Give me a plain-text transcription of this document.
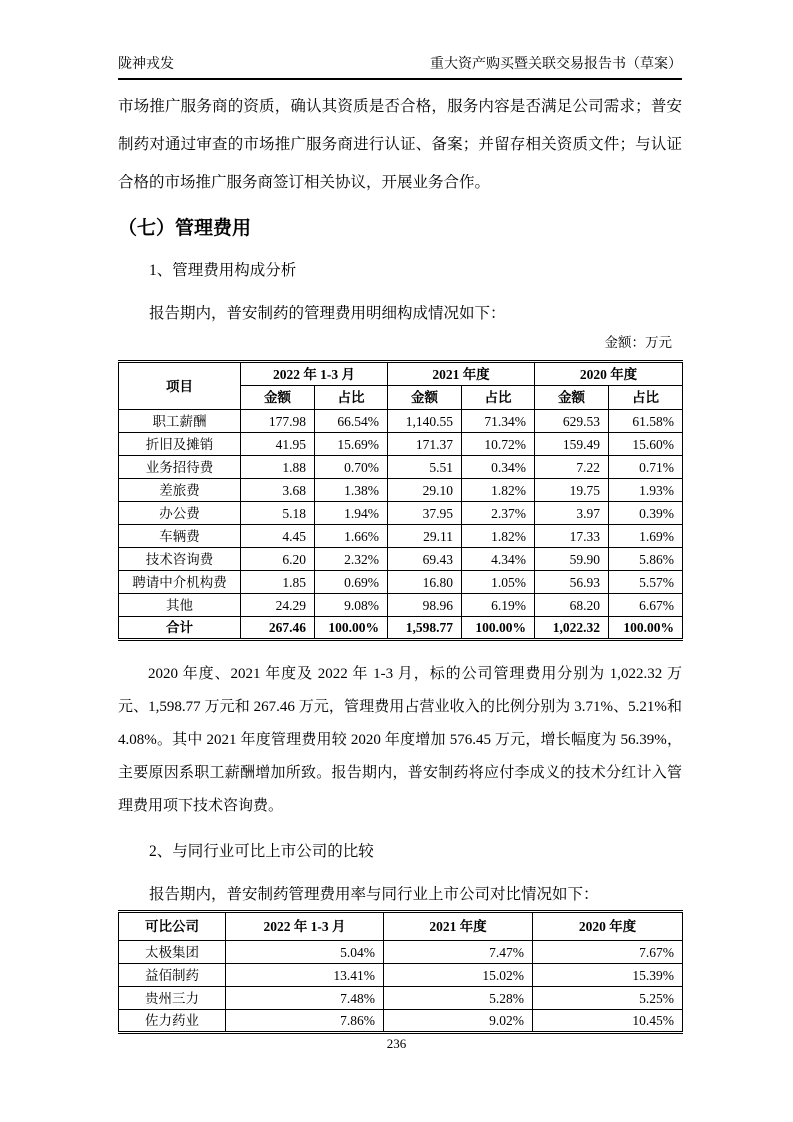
陇神戎发	重大资产购买暨关联交易报告书（草案）

市场推广服务商的资质，确认其资质是否合格，服务内容是否满足公司需求；普安制药对通过审查的市场推广服务商进行认证、备案；并留存相关资质文件；与认证合格的市场推广服务商签订相关协议，开展业务合作。

（七）管理费用

1、管理费用构成分析

报告期内，普安制药的管理费用明细构成情况如下：

金额：万元
项目	2022 年 1-3 月		2021 年度		2020 年度	
	金额	占比	金额	占比	金额	占比
职工薪酬	177.98	66.54%	1,140.55	71.34%	629.53	61.58%
折旧及摊销	41.95	15.69%	171.37	10.72%	159.49	15.60%
业务招待费	1.88	0.70%	5.51	0.34%	7.22	0.71%
差旅费	3.68	1.38%	29.10	1.82%	19.75	1.93%
办公费	5.18	1.94%	37.95	2.37%	3.97	0.39%
车辆费	4.45	1.66%	29.11	1.82%	17.33	1.69%
技术咨询费	6.20	2.32%	69.43	4.34%	59.90	5.86%
聘请中介机构费	1.85	0.69%	16.80	1.05%	56.93	5.57%
其他	24.29	9.08%	98.96	6.19%	68.20	6.67%
合计	267.46	100.00%	1,598.77	100.00%	1,022.32	100.00%

2020 年度、2021 年度及 2022 年 1-3 月，标的公司管理费用分别为 1,022.32 万元、1,598.77 万元和 267.46 万元，管理费用占营业收入的比例分别为 3.71%、5.21%和 4.08%。其中 2021 年度管理费用较 2020 年度增加 576.45 万元，增长幅度为 56.39%，主要原因系职工薪酬增加所致。报告期内，普安制药将应付李成义的技术分红计入管理费用项下技术咨询费。

2、与同行业可比上市公司的比较

报告期内，普安制药管理费用率与同行业上市公司对比情况如下：

可比公司	2022 年 1-3 月	2021 年度	2020 年度
太极集团	5.04%	7.47%	7.67%
益佰制药	13.41%	15.02%	15.39%
贵州三力	7.48%	5.28%	5.25%
佐力药业	7.86%	9.02%	10.45%
236
